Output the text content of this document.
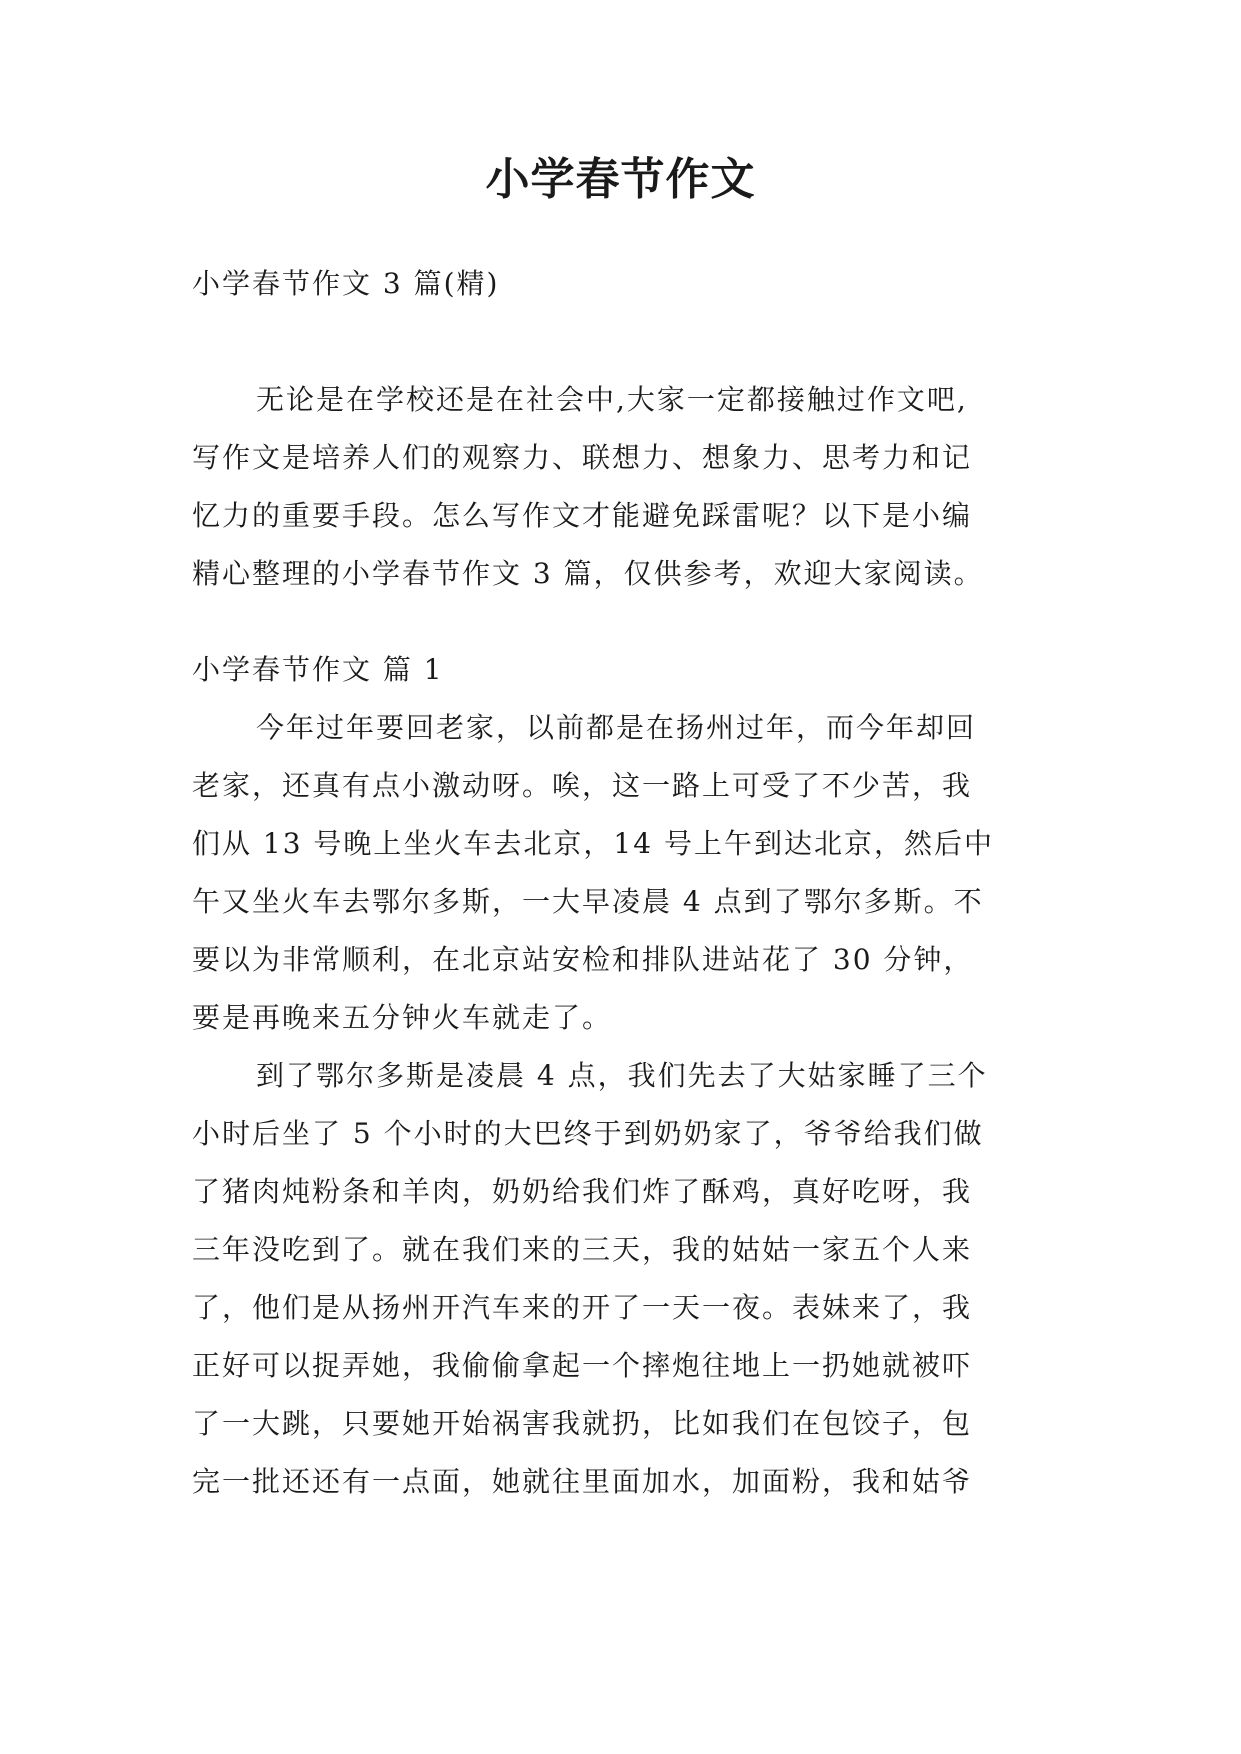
小学春节作文
小学春节作文 3 篇(精)
无论是在学校还是在社会中,大家一定都接触过作文吧,
写作文是培养人们的观察力、联想力、想象力、思考力和记
忆力的重要手段。怎么写作文才能避免踩雷呢？以下是小编
精心整理的小学春节作文 3 篇，仅供参考，欢迎大家阅读。
小学春节作文 篇 1
今年过年要回老家，以前都是在扬州过年，而今年却回
老家，还真有点小激动呀。唉，这一路上可受了不少苦，我
们从 13 号晚上坐火车去北京，14 号上午到达北京，然后中
午又坐火车去鄂尔多斯，一大早凌晨 4 点到了鄂尔多斯。不
要以为非常顺利，在北京站安检和排队进站花了 30 分钟，
要是再晚来五分钟火车就走了。
到了鄂尔多斯是凌晨 4 点，我们先去了大姑家睡了三个
小时后坐了 5 个小时的大巴终于到奶奶家了，爷爷给我们做
了猪肉炖粉条和羊肉，奶奶给我们炸了酥鸡，真好吃呀，我
三年没吃到了。就在我们来的三天，我的姑姑一家五个人来
了，他们是从扬州开汽车来的开了一天一夜。表妹来了，我
正好可以捉弄她，我偷偷拿起一个摔炮往地上一扔她就被吓
了一大跳，只要她开始祸害我就扔，比如我们在包饺子，包
完一批还还有一点面，她就往里面加水，加面粉，我和姑爷
